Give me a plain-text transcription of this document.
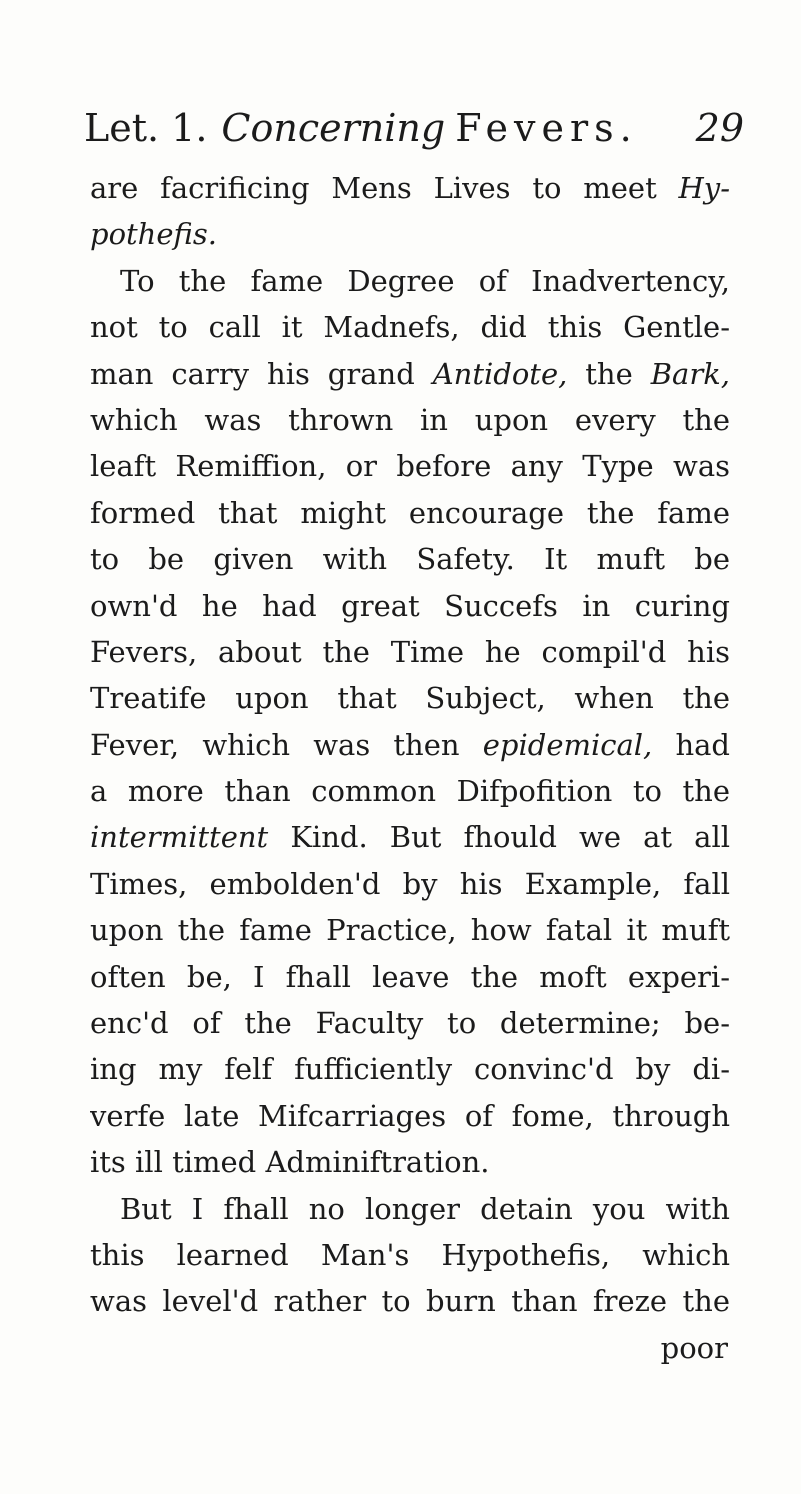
Let. 1. Concerning Fevers. 29
are facrificing Mens Lives to meet Hy-
pothefis.
To the fame Degree of Inadvertency,
not to call it Madnefs, did this Gentle-
man carry his grand Antidote, the Bark,
which was thrown in upon every the
leaft Remiffion, or before any Type was
formed that might encourage the fame
to be given with Safety. It muft be
own'd he had great Succefs in curing
Fevers, about the Time he compil'd his
Treatife upon that Subject, when the
Fever, which was then epidemical, had
a more than common Difpofition to the
intermittent Kind. But fhould we at all
Times, embolden'd by his Example, fall
upon the fame Practice, how fatal it muft
often be, I fhall leave the moft experi-
enc'd of the Faculty to determine; be-
ing my felf fufficiently convinc'd by di-
verfe late Mifcarriages of fome, through
its ill timed Adminiftration.
But I fhall no longer detain you with
this learned Man's Hypothefis, which
was level'd rather to burn than freze the
poor
